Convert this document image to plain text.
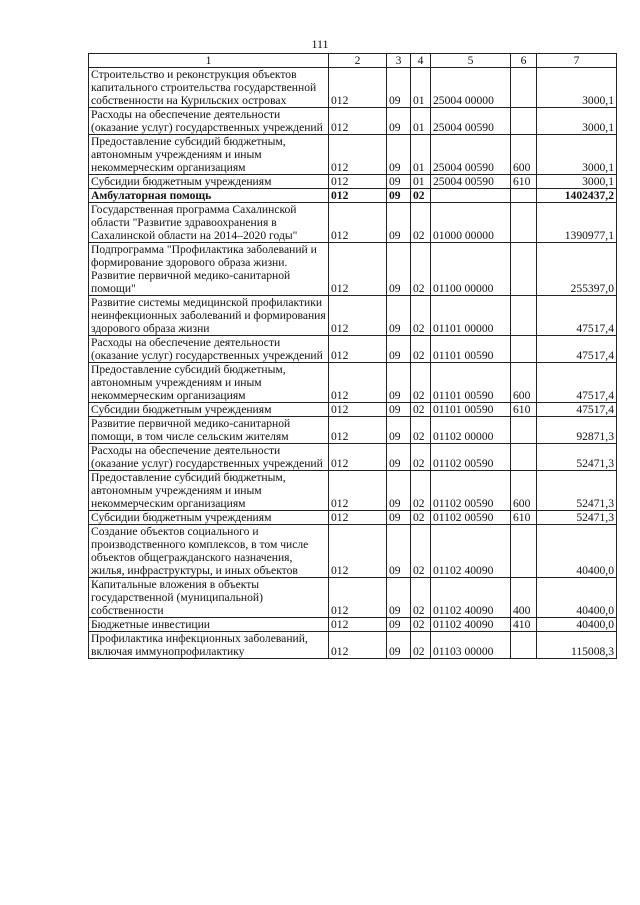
111
1	2	3	4	5	6	7
Строительство и реконструкция объектов капитального строительства государственной собственности на Курильских островах	012	09	01	25004 00000		3000,1
Расходы на обеспечение деятельности (оказание услуг) государственных учреждений	012	09	01	25004 00590		3000,1
Предоставление субсидий бюджетным, автономным учреждениям и иным некоммерческим организациям	012	09	01	25004 00590	600	3000,1
Субсидии бюджетным учреждениям	012	09	01	25004 00590	610	3000,1
Амбулаторная помощь	012	09	02			1402437,2
Государственная программа Сахалинской области "Развитие здравоохранения в Сахалинской области на 2014–2020 годы"	012	09	02	01000 00000		1390977,1
Подпрограмма "Профилактика заболеваний и формирование здорового образа жизни. Развитие первичной медико-санитарной помощи"	012	09	02	01100 00000		255397,0
Развитие системы медицинской профилактики неинфекционных заболеваний и формирования здорового образа жизни	012	09	02	01101 00000		47517,4
Расходы на обеспечение деятельности (оказание услуг) государственных учреждений	012	09	02	01101 00590		47517,4
Предоставление субсидий бюджетным, автономным учреждениям и иным некоммерческим организациям	012	09	02	01101 00590	600	47517,4
Субсидии бюджетным учреждениям	012	09	02	01101 00590	610	47517,4
Развитие первичной медико-санитарной помощи, в том числе сельским жителям	012	09	02	01102 00000		92871,3
Расходы на обеспечение деятельности (оказание услуг) государственных учреждений	012	09	02	01102 00590		52471,3
Предоставление субсидий бюджетным, автономным учреждениям и иным некоммерческим организациям	012	09	02	01102 00590	600	52471,3
Субсидии бюджетным учреждениям	012	09	02	01102 00590	610	52471,3
Создание объектов социального и производственного комплексов, в том числе объектов общегражданского назначения, жилья, инфраструктуры, и иных объектов	012	09	02	01102 40090		40400,0
Капитальные вложения в объекты государственной (муниципальной) собственности	012	09	02	01102 40090	400	40400,0
Бюджетные инвестиции	012	09	02	01102 40090	410	40400,0
Профилактика инфекционных заболеваний, включая иммунопрофилактику	012	09	02	01103 00000		115008,3
